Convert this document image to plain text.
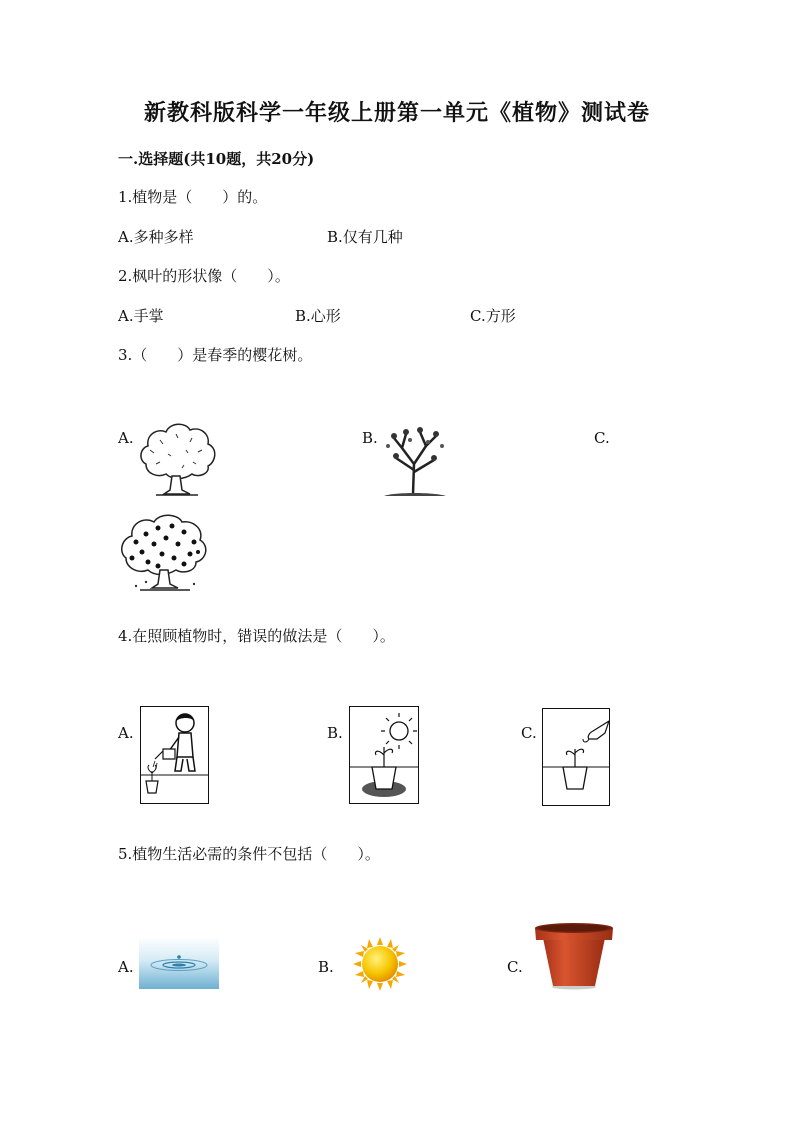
新教科版科学一年级上册第一单元《植物》测试卷
一.选择题(共10题，共20分)
1.植物是（　　）的。
A.多种多样	B.仅有几种
2.枫叶的形状像（　　）。
A.手掌	B.心形	C.方形
3.（　　）是春季的樱花树。
A.	B.	C.
4.在照顾植物时，错误的做法是（　　）。
A.	B.	C.
5.植物生活必需的条件不包括（　　）。
A.	B.	C.
